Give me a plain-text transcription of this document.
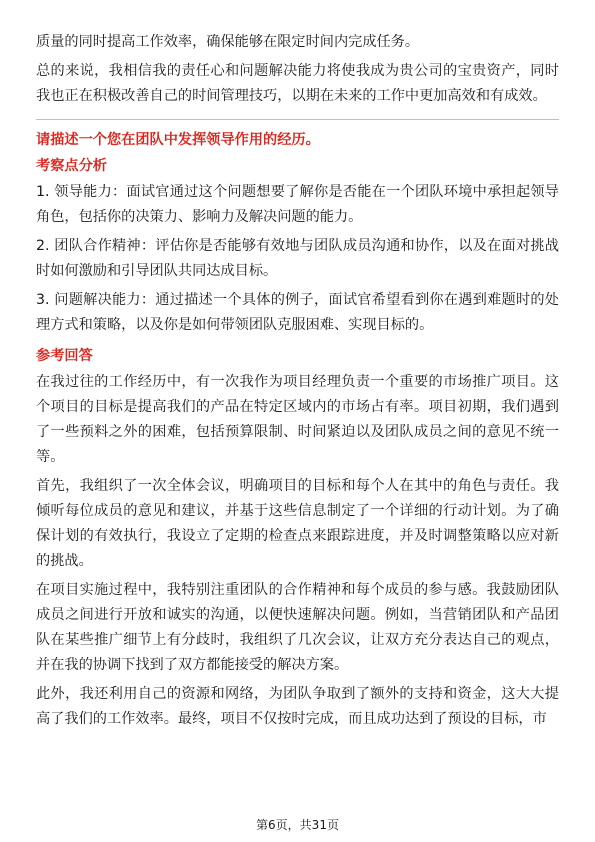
质量的同时提高工作效率，确保能够在限定时间内完成任务。

总的来说，我相信我的责任心和问题解决能力将使我成为贵公司的宝贵资产，同时我也正在积极改善自己的时间管理技巧，以期在未来的工作中更加高效和有成效。

请描述一个您在团队中发挥领导作用的经历。

考察点分析

1. 领导能力：面试官通过这个问题想要了解你是否能在一个团队环境中承担起领导角色，包括你的决策力、影响力及解决问题的能力。

2. 团队合作精神：评估你是否能够有效地与团队成员沟通和协作，以及在面对挑战时如何激励和引导团队共同达成目标。

3. 问题解决能力：通过描述一个具体的例子，面试官希望看到你在遇到难题时的处理方式和策略，以及你是如何带领团队克服困难、实现目标的。

参考回答

在我过往的工作经历中，有一次我作为项目经理负责一个重要的市场推广项目。这个项目的目标是提高我们的产品在特定区域内的市场占有率。项目初期，我们遇到了一些预料之外的困难，包括预算限制、时间紧迫以及团队成员之间的意见不统一等。

首先，我组织了一次全体会议，明确项目的目标和每个人在其中的角色与责任。我倾听每位成员的意见和建议，并基于这些信息制定了一个详细的行动计划。为了确保计划的有效执行，我设立了定期的检查点来跟踪进度，并及时调整策略以应对新的挑战。

在项目实施过程中，我特别注重团队的合作精神和每个成员的参与感。我鼓励团队成员之间进行开放和诚实的沟通，以便快速解决问题。例如，当营销团队和产品团队在某些推广细节上有分歧时，我组织了几次会议，让双方充分表达自己的观点，并在我的协调下找到了双方都能接受的解决方案。

此外，我还利用自己的资源和网络，为团队争取到了额外的支持和资金，这大大提高了我们的工作效率。最终，项目不仅按时完成，而且成功达到了预设的目标，市

第6页，共31页
